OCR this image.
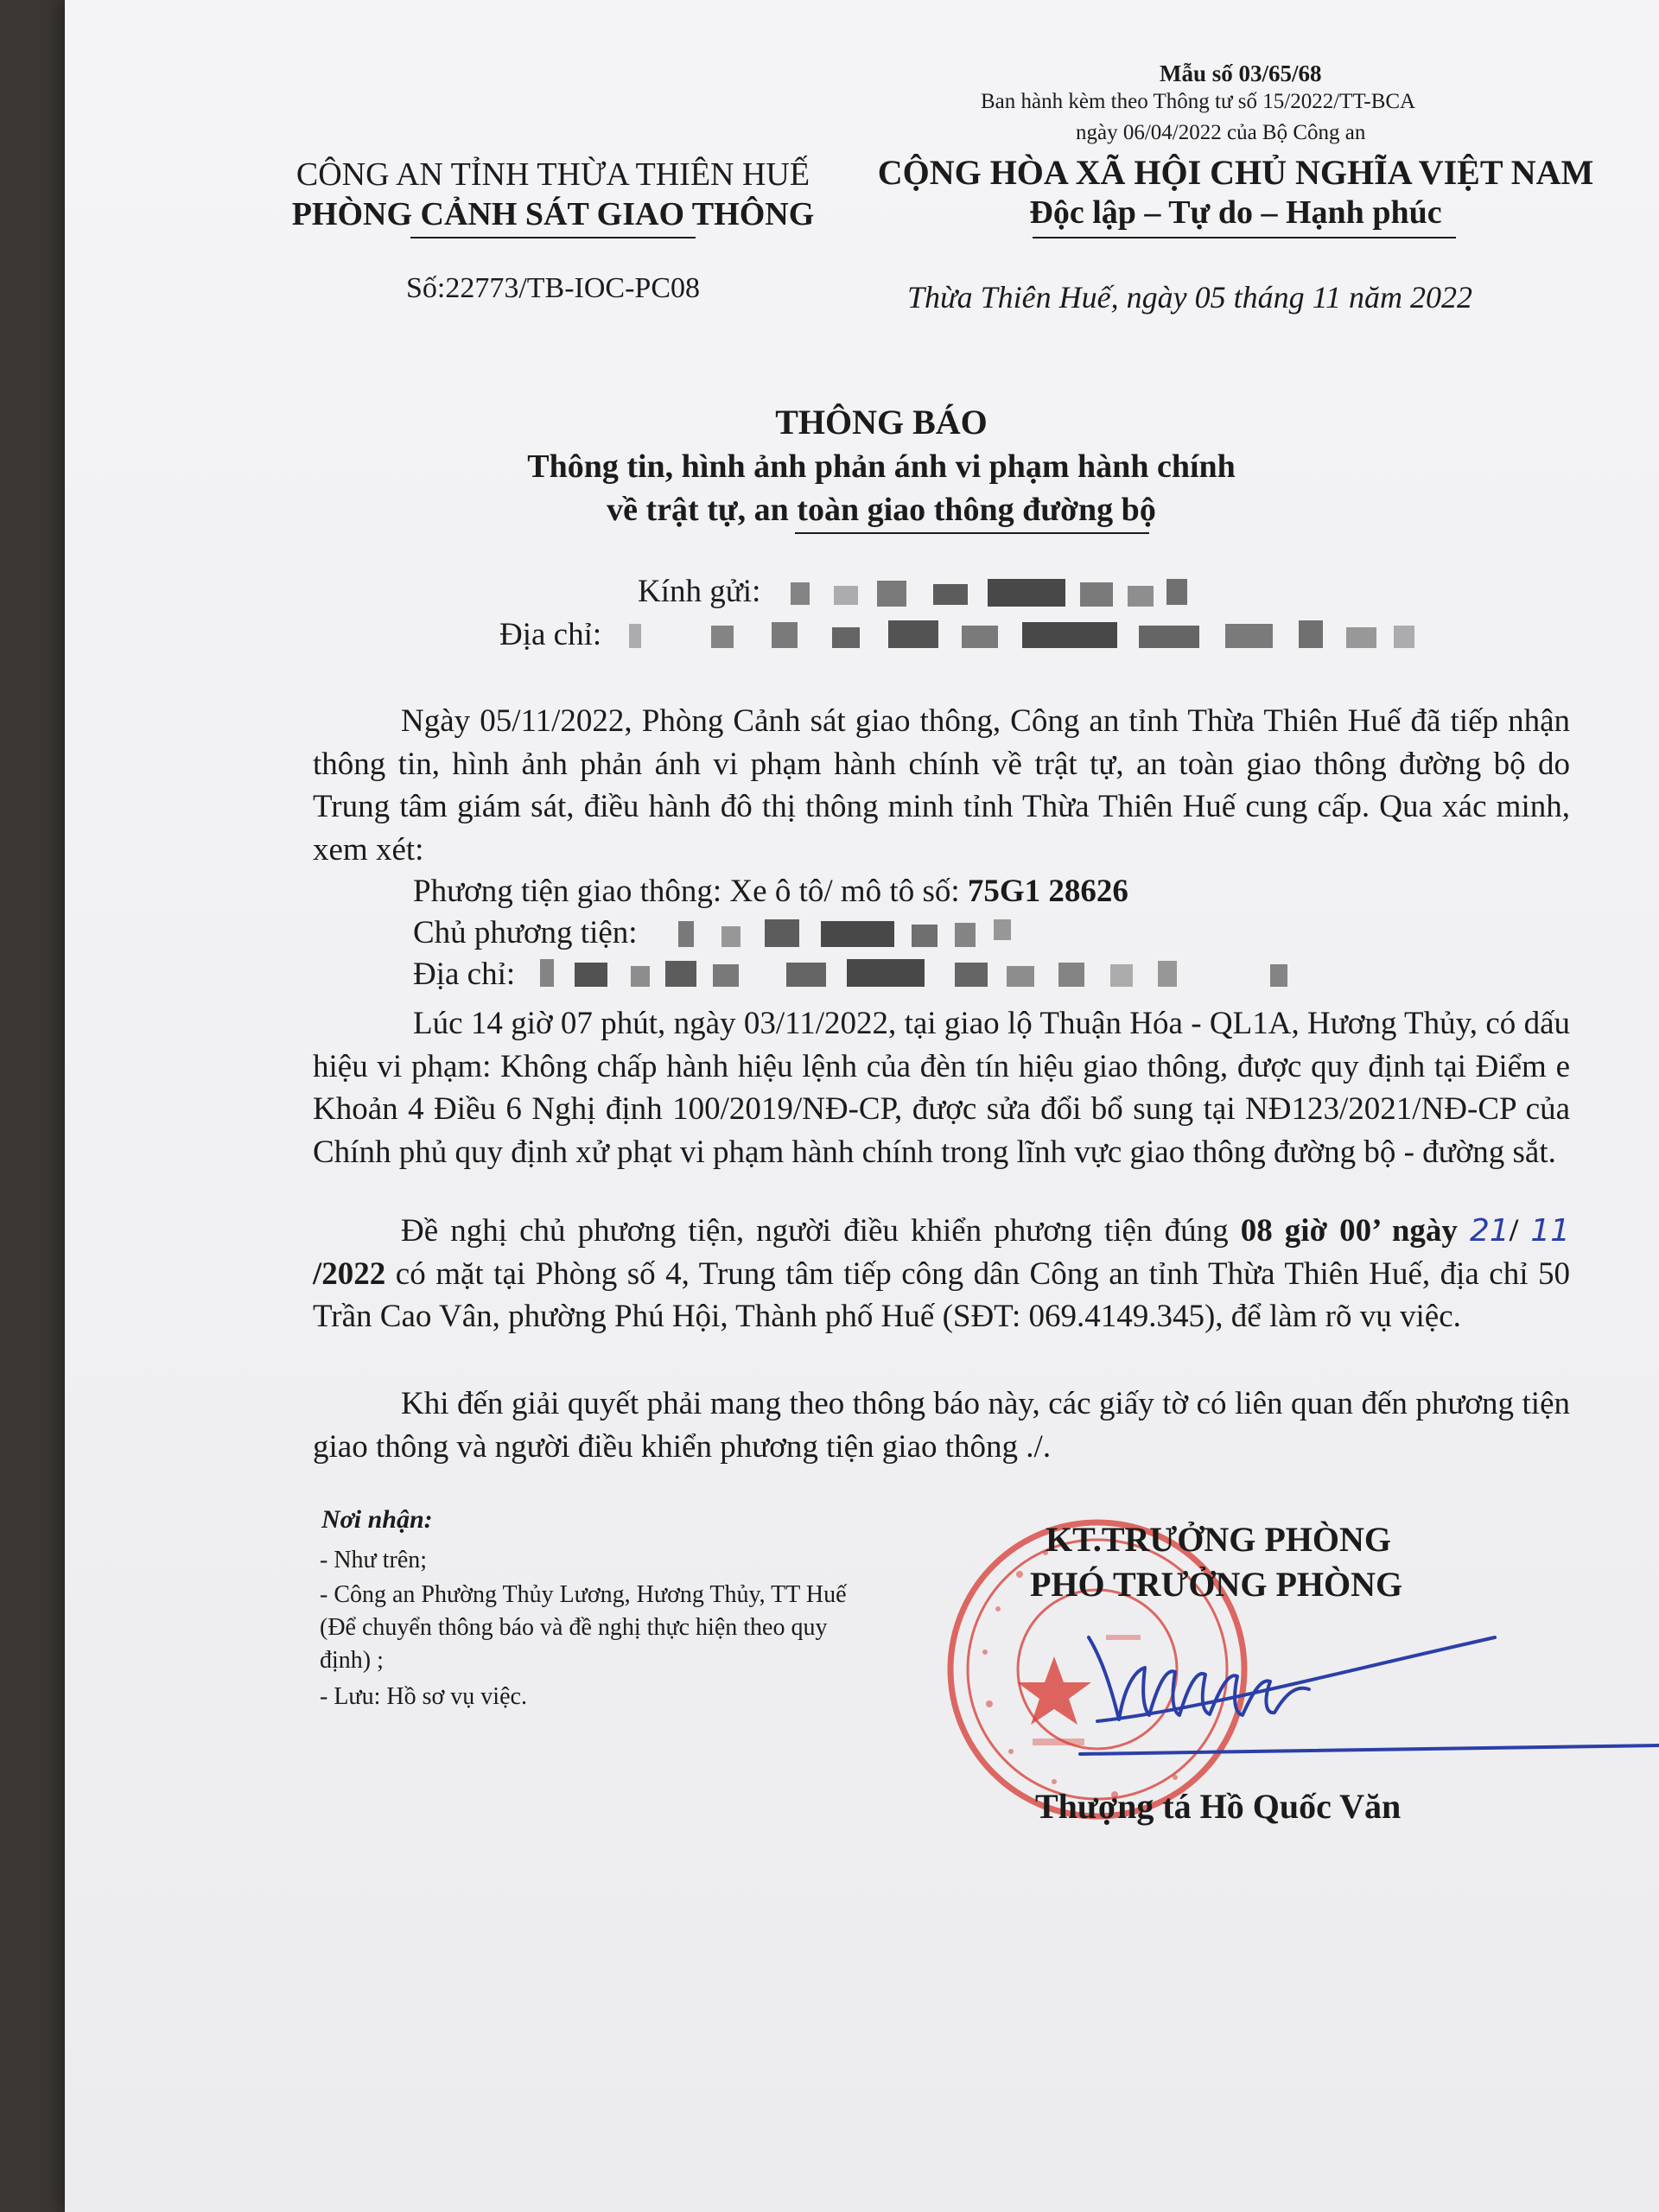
Mẫu số 03/65/68
Ban hành kèm theo Thông tư số 15/2022/TT-BCA
ngày 06/04/2022 của Bộ Công an
CÔNG AN TỈNH THỪA THIÊN HUẾ
PHÒNG CẢNH SÁT GIAO THÔNG
CỘNG HÒA XÃ HỘI CHỦ NGHĨA VIỆT NAM
Độc lập – Tự do – Hạnh phúc
Số:22773/TB-IOC-PC08	Thừa Thiên Huế, ngày 05 tháng 11 năm 2022
THÔNG BÁO
Thông tin, hình ảnh phản ánh vi phạm hành chính
về trật tự, an toàn giao thông đường bộ
Kính gửi:
Địa chỉ:
Ngày 05/11/2022, Phòng Cảnh sát giao thông, Công an tỉnh Thừa Thiên Huế đã tiếp nhận thông tin, hình ảnh phản ánh vi phạm hành chính về trật tự, an toàn giao thông đường bộ do Trung tâm giám sát, điều hành đô thị thông minh tỉnh Thừa Thiên Huế cung cấp. Qua xác minh, xem xét:
Phương tiện giao thông: Xe ô tô/ mô tô số: 75G1 28626
Chủ phương tiện:
Địa chỉ:
Lúc 14 giờ 07 phút, ngày 03/11/2022, tại giao lộ Thuận Hóa - QL1A, Hương Thủy, có dấu hiệu vi phạm: Không chấp hành hiệu lệnh của đèn tín hiệu giao thông, được quy định tại Điểm e Khoản 4 Điều 6 Nghị định 100/2019/NĐ-CP, được sửa đổi bổ sung tại NĐ123/2021/NĐ-CP của Chính phủ quy định xử phạt vi phạm hành chính trong lĩnh vực giao thông đường bộ - đường sắt.
Đề nghị chủ phương tiện, người điều khiển phương tiện đúng 08 giờ 00’ ngày 21/ 11 /2022 có mặt tại Phòng số 4, Trung tâm tiếp công dân Công an tỉnh Thừa Thiên Huế, địa chỉ 50 Trần Cao Vân, phường Phú Hội, Thành phố Huế (SĐT: 069.4149.345), để làm rõ vụ việc.
Khi đến giải quyết phải mang theo thông báo này, các giấy tờ có liên quan đến phương tiện giao thông và người điều khiển phương tiện giao thông ./.
Nơi nhận:
- Như trên;
- Công an Phường Thủy Lương, Hương Thủy, TT Huế (Để chuyển thông báo và đề nghị thực hiện theo quy định) ;
- Lưu: Hồ sơ vụ việc.
KT.TRƯỞNG PHÒNG
PHÓ TRƯỞNG PHÒNG
Thượng tá Hồ Quốc Văn
